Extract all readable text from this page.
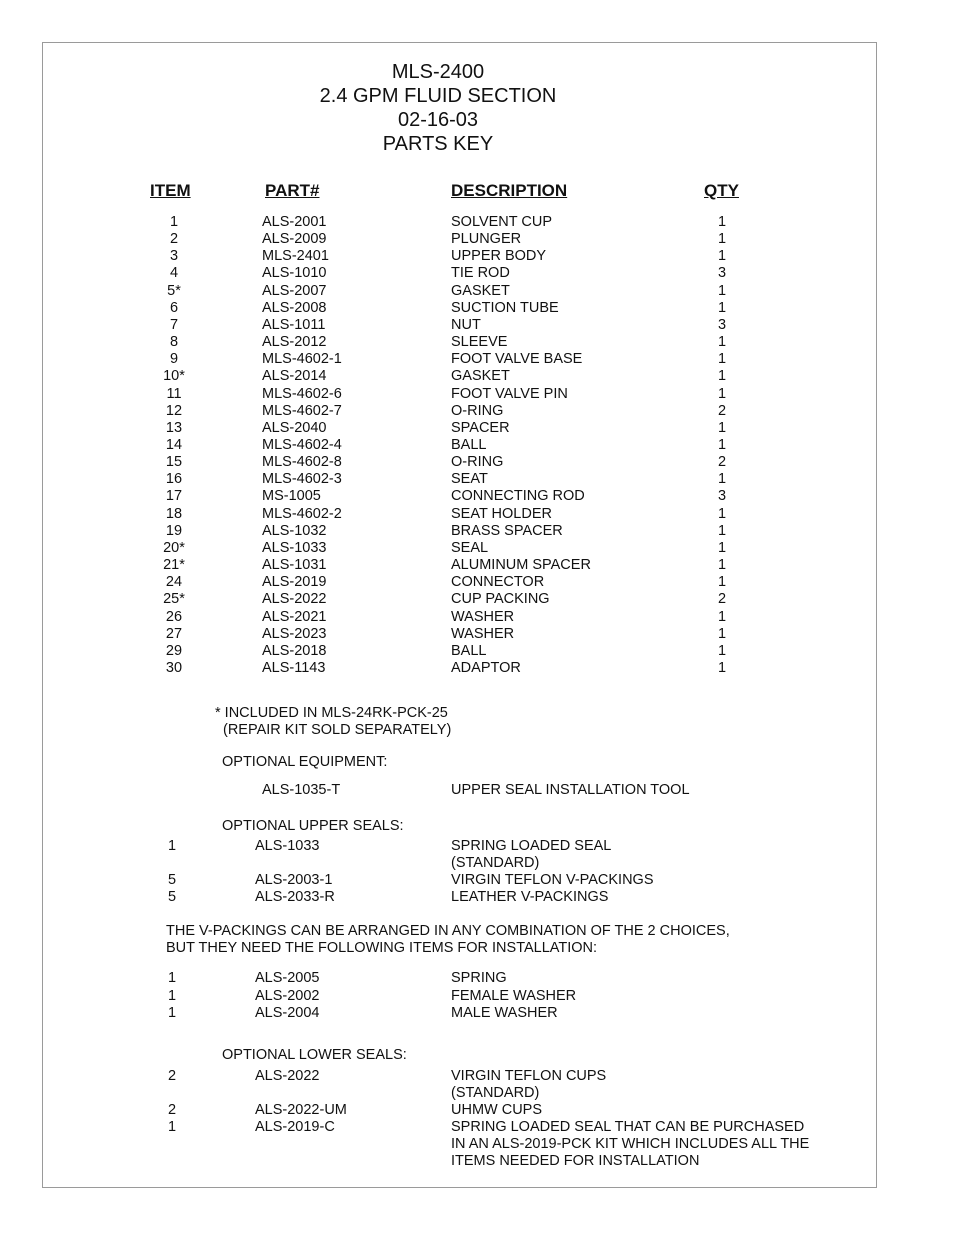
MLS-2400
2.4 GPM FLUID SECTION
02-16-03
PARTS KEY
ITEM	PART#	DESCRIPTION	QTY
1	ALS-2001	SOLVENT CUP	1
2	ALS-2009	PLUNGER	1
3	MLS-2401	UPPER BODY	1
4	ALS-1010	TIE ROD	3
5*	ALS-2007	GASKET	1
6	ALS-2008	SUCTION TUBE	1
7	ALS-1011	NUT	3
8	ALS-2012	SLEEVE	1
9	MLS-4602-1	FOOT VALVE BASE	1
10*	ALS-2014	GASKET	1
11	MLS-4602-6	FOOT VALVE PIN	1
12	MLS-4602-7	O-RING	2
13	ALS-2040	SPACER	1
14	MLS-4602-4	BALL	1
15	MLS-4602-8	O-RING	2
16	MLS-4602-3	SEAT	1
17	MS-1005	CONNECTING ROD	3
18	MLS-4602-2	SEAT HOLDER	1
19	ALS-1032	BRASS SPACER	1
20*	ALS-1033	SEAL	1
21*	ALS-1031	ALUMINUM SPACER	1
24	ALS-2019	CONNECTOR	1
25*	ALS-2022	CUP PACKING	2
26	ALS-2021	WASHER	1
27	ALS-2023	WASHER	1
29	ALS-2018	BALL	1
30	ALS-1143	ADAPTOR	1
* INCLUDED IN MLS-24RK-PCK-25
(REPAIR KIT SOLD SEPARATELY)
OPTIONAL EQUIPMENT:
ALS-1035-T	UPPER SEAL INSTALLATION TOOL
OPTIONAL UPPER SEALS:
1	ALS-1033	SPRING LOADED SEAL
(STANDARD)
5	ALS-2003-1	VIRGIN TEFLON V-PACKINGS
5	ALS-2033-R	LEATHER V-PACKINGS
THE V-PACKINGS CAN BE ARRANGED IN ANY COMBINATION OF THE 2 CHOICES,
BUT THEY NEED THE FOLLOWING ITEMS FOR INSTALLATION:
1	ALS-2005	SPRING
1	ALS-2002	FEMALE WASHER
1	ALS-2004	MALE WASHER
OPTIONAL LOWER SEALS:
2	ALS-2022	VIRGIN TEFLON CUPS
(STANDARD)
2	ALS-2022-UM	UHMW CUPS
1	ALS-2019-C	SPRING LOADED SEAL THAT CAN BE PURCHASED
IN AN ALS-2019-PCK KIT WHICH INCLUDES ALL THE
ITEMS NEEDED FOR INSTALLATION
